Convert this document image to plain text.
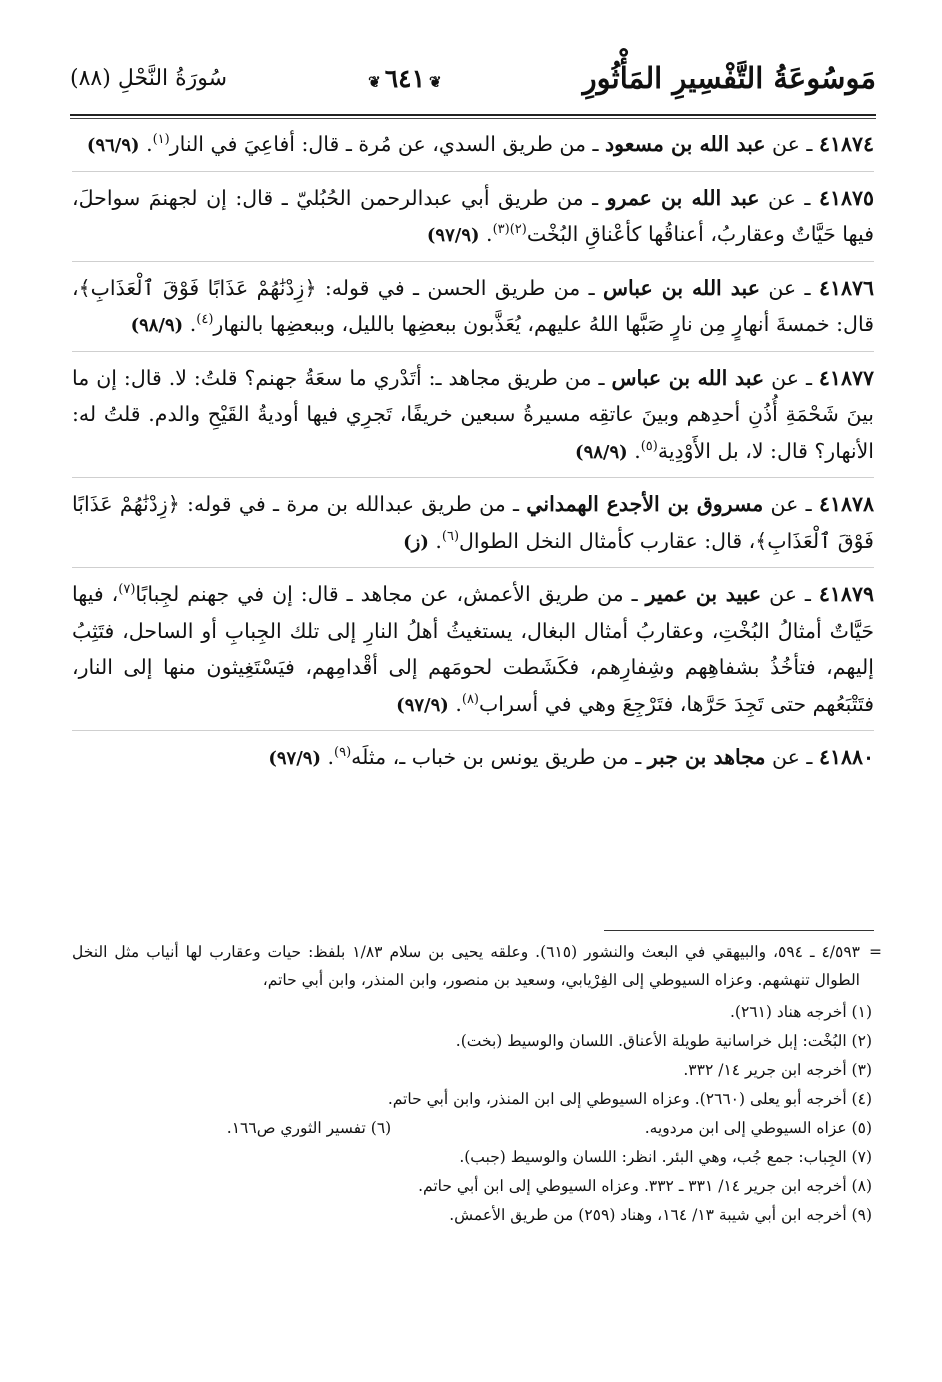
مَوسُوعَةُ التَّفْسِيرِ المَأْثُورِ
❦٦٤١❦
سُورَةُ النَّحْلِ (٨٨)

٤١٨٧٤ ـ عن عبد الله بن مسعود ـ من طريق السدي، عن مُرة ـ قال: أفاعِيَ في النار$^{(١)}$. (٩٦/٩)

٤١٨٧٥ ـ عن عبد الله بن عمرو ـ من طريق أبي عبدالرحمن الحُبُليّ ـ قال: إن لجهنمَ سواحلَ، فيها حَيَّاتٌ وعقاربُ، أعناقُها كأعْناقِ البُخْت$^{(٢)(٣)}$. (٩٧/٩)

٤١٨٧٦ ـ عن عبد الله بن عباس ـ من طريق الحسن ـ في قوله: ﴿زِدْنَٰهُمْ عَذَابًا فَوْقَ ٱلْعَذَابِ﴾، قال: خمسةَ أنهارٍ مِن نارٍ صَبَّها اللهُ عليهم، يُعَذَّبون ببعضِها بالليل، وببعضِها بالنهار$^{(٤)}$. (٩٨/٩)

٤١٨٧٧ ـ عن عبد الله بن عباس ـ من طريق مجاهد ـ: أتَدْري ما سعَةُ جهنم؟ قلتُ: لا. قال: إن ما بينَ شَحْمَةِ أُذُنِ أحدِهم وبينَ عاتقِه مسيرةُ سبعين خريفًا، تَجرِي فيها أوديةُ القَيْحِ والدم. قلتُ له: الأنهار؟ قال: لا، بل الأَوْدِية$^{(٥)}$. (٩٨/٩)

٤١٨٧٨ ـ عن مسروق بن الأجدع الهمداني ـ من طريق عبدالله بن مرة ـ في قوله: ﴿زِدْنَٰهُمْ عَذَابًا فَوْقَ ٱلْعَذَابِ﴾، قال: عقارب كأمثال النخل الطوال$^{(٦)}$. (ز)

٤١٨٧٩ ـ عن عبيد بن عمير ـ من طريق الأعمش، عن مجاهد ـ قال: إن في جهنم لجِبابًا$^{(٧)}$، فيها حَيَّاتٌ أمثالُ البُخْتِ، وعقاربُ أمثال البغال، يستغيثُ أهلُ النارِ إلى تلك الجِبابِ أو الساحل، فتَثِبُ إليهم، فتأخُذُ بشفاهِهم وشِفارِهم، فكَشَطت لحومَهم إلى أقْدامِهم، فيَسْتَغِيثون منها إلى النار، فتَتْبَعُهم حتى تَجِدَ حَرَّها، فتَرْجِعَ وهي في أسراب$^{(٨)}$. (٩٧/٩)

٤١٨٨٠ ـ عن مجاهد بن جبر ـ من طريق يونس بن خباب ـ، مثلَه$^{(٩)}$. (٩٧/٩)

=
٤/٥٩٣ ـ ٥٩٤، والبيهقي في البعث والنشور (٦١٥). وعلقه يحيى بن سلام ١/٨٣ بلفظ: حيات وعقارب لها أنياب مثل النخل الطوال تنهشهم. وعزاه السيوطي إلى الفِرْيابي، وسعيد بن منصور، وابن المنذر، وابن أبي حاتم،

(١) أخرجه هناد (٢٦١).

(٢) البُخْت: إبل خراسانية طويلة الأعناق. اللسان والوسيط (بخت).

(٣) أخرجه ابن جرير ١٤/ ٣٣٢.

(٤) أخرجه أبو يعلى (٢٦٦٠). وعزاه السيوطي إلى ابن المنذر، وابن أبي حاتم.

(٥) عزاه السيوطي إلى ابن مردويه.

(٦) تفسير الثوري ص١٦٦.

(٧) الجِباب: جمع جُب، وهي البئر. انظر: اللسان والوسيط (جبب).

(٨) أخرجه ابن جرير ١٤/ ٣٣١ ـ ٣٣٢. وعزاه السيوطي إلى ابن أبي حاتم.

(٩) أخرجه ابن أبي شيبة ١٣/ ١٦٤، وهناد (٢٥٩) من طريق الأعمش.
